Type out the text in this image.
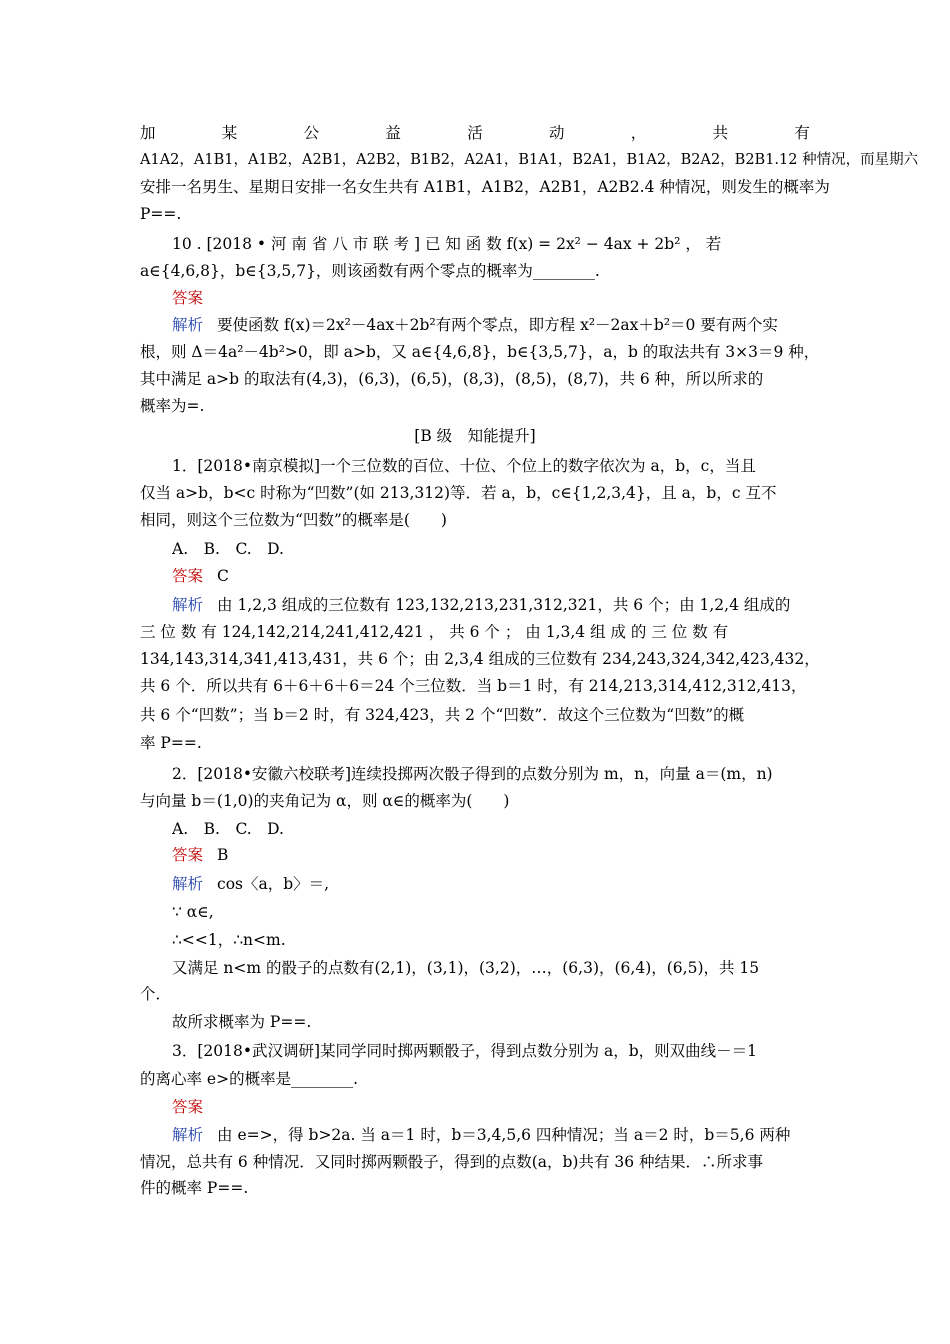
加	某	公	益	活	动	，	共	有
A1A2，A1B1，A1B2，A2B1，A2B2，B1B2，A2A1，B1A1，B2A1，B1A2，B2A2，B2B1.12 种情况，而星期六
安排一名男生、星期日安排一名女生共有 A1B1，A1B2，A2B1，A2B2.4 种情况，则发生的概率为
P==.
10 . [2018 • 河 南 省 八 市 联 考 ] 已 知 函 数 f(x) = 2x² − 4ax + 2b² ， 若
a∈{4,6,8}，b∈{3,5,7}，则该函数有两个零点的概率为________.
答案
解析 要使函数 f(x)＝2x²－4ax＋2b²有两个零点，即方程 x²－2ax＋b²＝0 要有两个实
根，则 Δ＝4a²－4b²>0，即 a>b，又 a∈{4,6,8}，b∈{3,5,7}，a，b 的取法共有 3×3＝9 种，
其中满足 a>b 的取法有(4,3)，(6,3)，(6,5)，(8,3)，(8,5)，(8,7)，共 6 种，所以所求的
概率为=.
[B 级　知能提升]
1．[2018•南京模拟]一个三位数的百位、十位、个位上的数字依次为 a，b，c，当且
仅当 a>b，b<c 时称为“凹数”(如 213,312)等．若 a，b，c∈{1,2,3,4}，且 a，b，c 互不
相同，则这个三位数为“凹数”的概率是(　　)
A.　B.　C.　D.
答案 C
解析 由 1,2,3 组成的三位数有 123,132,213,231,312,321，共 6 个；由 1,2,4 组成的
三 位 数 有 124,142,214,241,412,421 ， 共 6 个 ； 由 1,3,4 组 成 的 三 位 数 有
134,143,314,341,413,431，共 6 个；由 2,3,4 组成的三位数有 234,243,324,342,423,432，
共 6 个．所以共有 6＋6＋6＋6＝24 个三位数．当 b＝1 时，有 214,213,314,412,312,413，
共 6 个“凹数”；当 b＝2 时，有 324,423，共 2 个“凹数”．故这个三位数为“凹数”的概
率 P==.
2．[2018•安徽六校联考]连续投掷两次骰子得到的点数分别为 m，n，向量 a＝(m，n)
与向量 b＝(1,0)的夹角记为 α，则 α∈的概率为(　　)
A.　B.　C.　D.
答案 B
解析 cos〈a，b〉＝,
∵ α∈,
∴<<1，∴n<m.
又满足 n<m 的骰子的点数有(2,1)，(3,1)，(3,2)，…，(6,3)，(6,4)，(6,5)，共 15
个．
故所求概率为 P==.
3．[2018•武汉调研]某同学同时掷两颗骰子，得到点数分别为 a，b，则双曲线－＝1
的离心率 e>的概率是________.
答案
解析 由 e=>，得 b>2a. 当 a＝1 时，b＝3,4,5,6 四种情况；当 a＝2 时，b＝5,6 两种
情况，总共有 6 种情况．又同时掷两颗骰子，得到的点数(a，b)共有 36 种结果．∴所求事
件的概率 P==.
